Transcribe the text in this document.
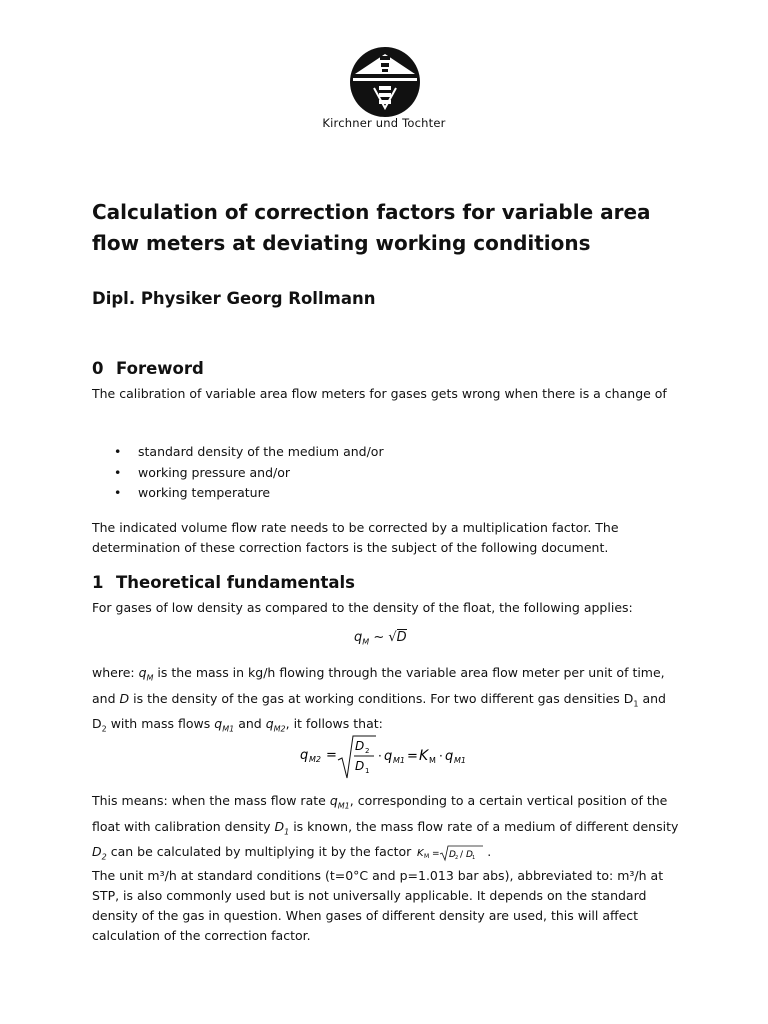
Kirchner und Tochter
Calculation of correction factors for variable area flow meters at deviating working conditions
Dipl. Physiker Georg Rollmann
0 Foreword

The calibration of variable area flow meters for gases gets wrong when there is a change of

• standard density of the medium and/or
• working pressure and/or
• working temperature

The indicated volume flow rate needs to be corrected by a multiplication factor. The determination of these correction factors is the subject of the following document.

1 Theoretical fundamentals

For gases of low density as compared to the density of the float, the following applies:

$q_M$ ~ √D

where: $q_M$ is the mass in kg/h flowing through the variable area flow meter per unit of time, and D is the density of the gas at working conditions. For two different gas densities $D_1$ and $D_2$ with mass flows $q_{M1}$ and $q_{M2}$, it follows that:

q M2 =
D 2
D 1
· q M1 = K M · q M1

This means: when the mass flow rate $q_{M1}$, corresponding to a certain vertical position of the float with calibration density $D_1$ is known, the mass flow rate of a medium of different density $D_2$ can be calculated by multiplying it by the factor K M = D 2 / D 1 .

The unit m³/h at standard conditions (t=0°C and p=1.013 bar abs), abbreviated to: m³/h at STP, is also commonly used but is not universally applicable. It depends on the standard density of the gas in question. When gases of different density are used, this will affect calculation of the correction factor.
